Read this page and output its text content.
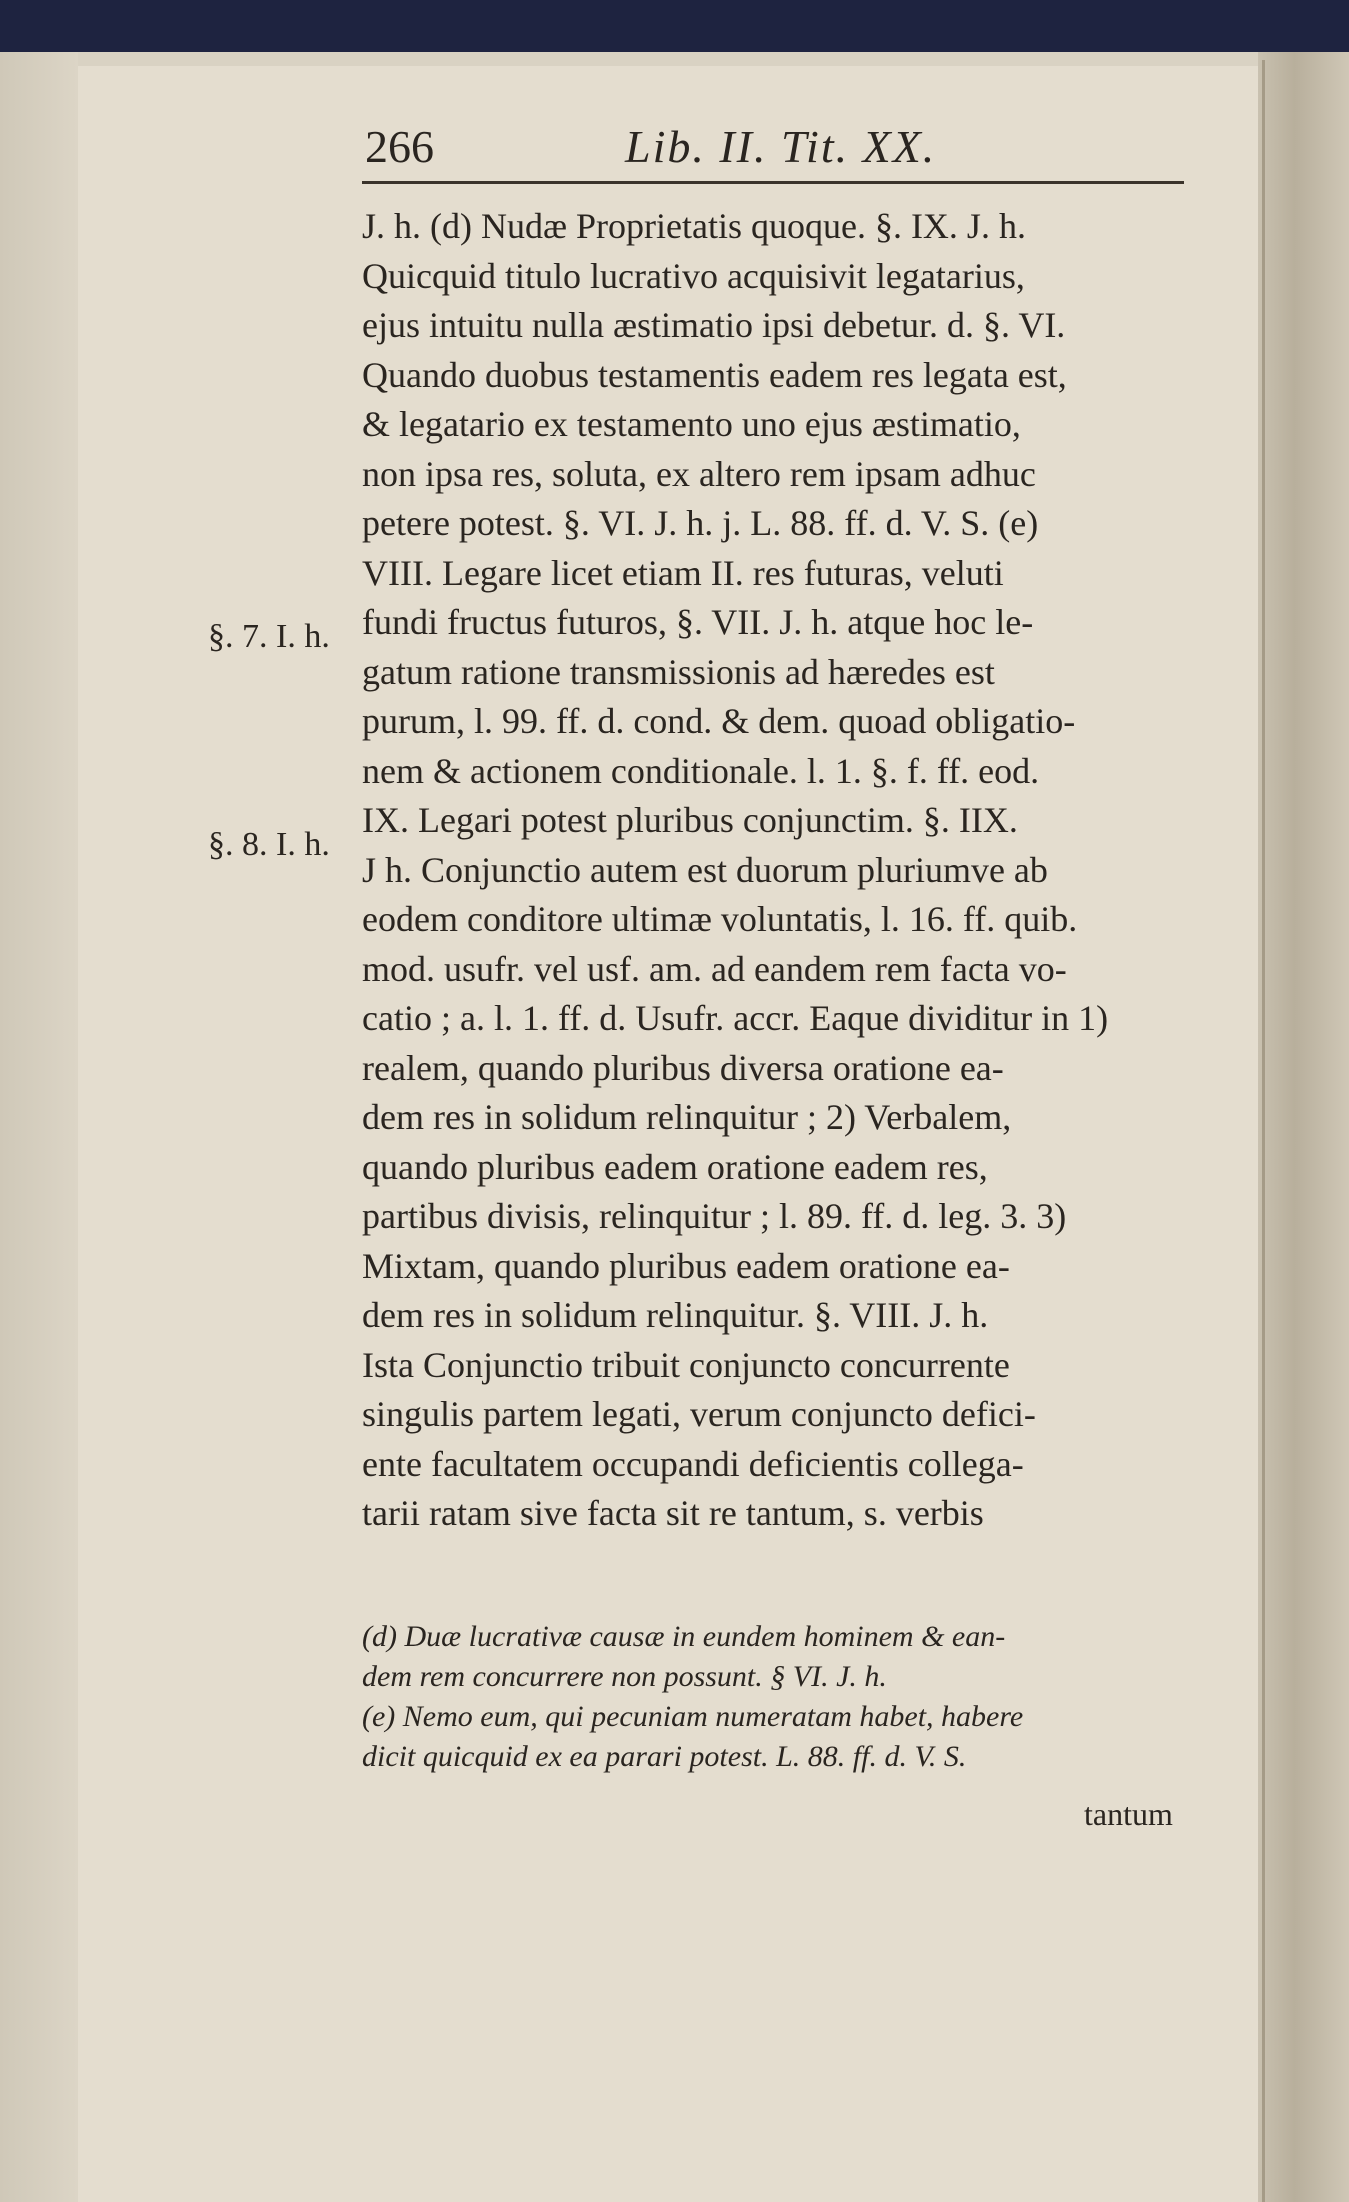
266	Lib. II. Tit. XX.
§. 7. I. h.
§. 8. I. h.
J. h. (d) Nudæ Proprietatis quoque. §. IX. J. h.
Quicquid titulo lucrativo acquisivit legatarius,
ejus intuitu nulla æstimatio ipsi debetur. d. §. VI.
Quando duobus testamentis eadem res legata est,
& legatario ex testamento uno ejus æstimatio,
non ipsa res, soluta, ex altero rem ipsam adhuc
petere potest. §. VI. J. h. j. L. 88. ff. d. V. S. (e)
VIII. Legare licet etiam II. res futuras, veluti
fundi fructus futuros, §. VII. J. h. atque hoc le-
gatum ratione transmissionis ad hæredes est
purum, l. 99. ff. d. cond. & dem. quoad obligatio-
nem & actionem conditionale. l. 1. §. f. ff. eod.
IX. Legari potest pluribus conjunctim. §. IIX.
J h. Conjunctio autem est duorum pluriumve ab
eodem conditore ultimæ voluntatis, l. 16. ff. quib.
mod. usufr. vel usf. am. ad eandem rem facta vo-
catio ; a. l. 1. ff. d. Usufr. accr. Eaque dividitur in 1)
realem, quando pluribus diversa oratione ea-
dem res in solidum relinquitur ; 2) Verbalem,
quando pluribus eadem oratione eadem res,
partibus divisis, relinquitur ; l. 89. ff. d. leg. 3. 3)
Mixtam, quando pluribus eadem oratione ea-
dem res in solidum relinquitur. §. VIII. J. h.
Ista Conjunctio tribuit conjuncto concurrente
singulis partem legati, verum conjuncto defici-
ente facultatem occupandi deficientis collega-
tarii ratam sive facta sit re tantum, s. verbis
(d) Duæ lucrativæ causæ in eundem hominem & ean-
dem rem concurrere non possunt. § VI. J. h.
(e) Nemo eum, qui pecuniam numeratam habet, habere
dicit quicquid ex ea parari potest. L. 88. ff. d. V. S.
tantum
